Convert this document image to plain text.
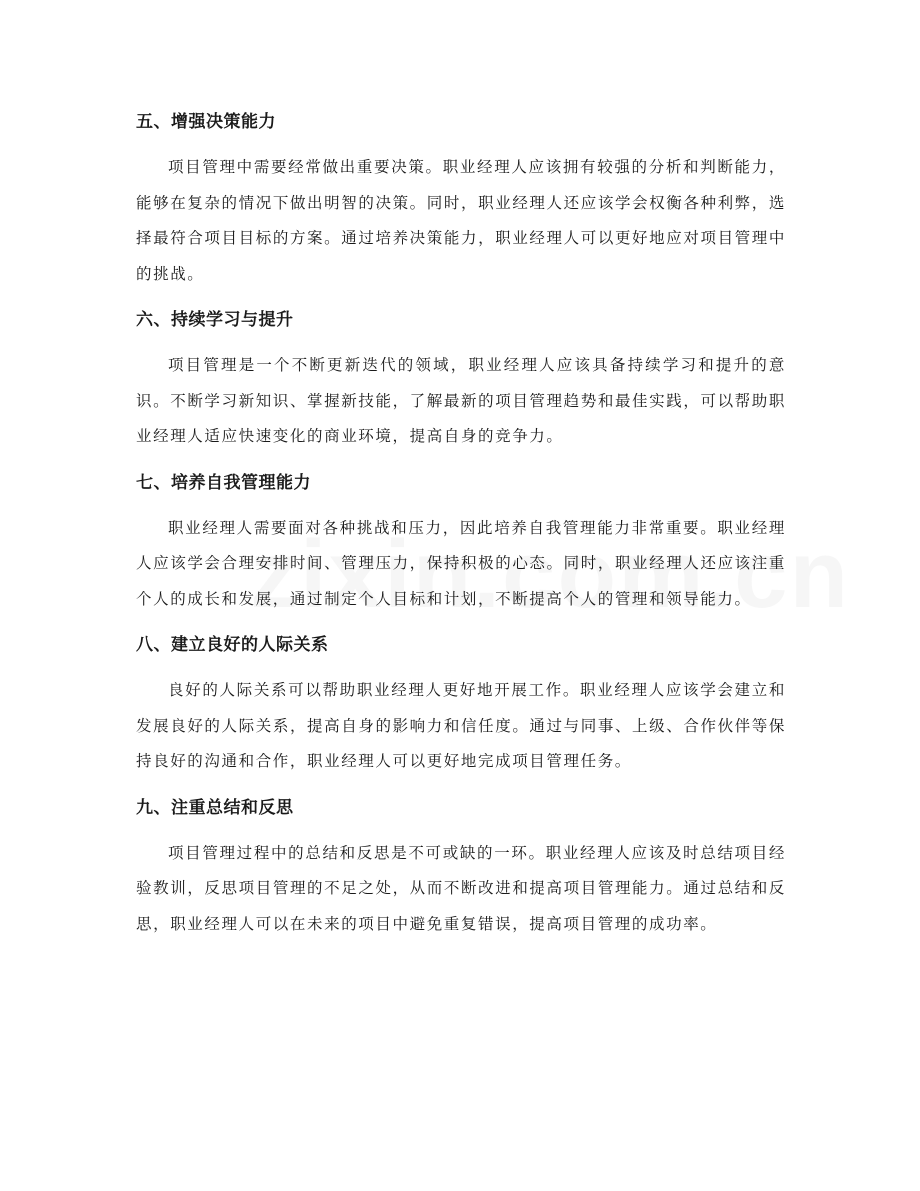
五、增强决策能力

项目管理中需要经常做出重要决策。职业经理人应该拥有较强的分析和判断能力，能够在复杂的情况下做出明智的决策。同时，职业经理人还应该学会权衡各种利弊，选择最符合项目目标的方案。通过培养决策能力，职业经理人可以更好地应对项目管理中的挑战。

六、持续学习与提升

项目管理是一个不断更新迭代的领域，职业经理人应该具备持续学习和提升的意识。不断学习新知识、掌握新技能，了解最新的项目管理趋势和最佳实践，可以帮助职业经理人适应快速变化的商业环境，提高自身的竞争力。

七、培养自我管理能力

职业经理人需要面对各种挑战和压力，因此培养自我管理能力非常重要。职业经理人应该学会合理安排时间、管理压力，保持积极的心态。同时，职业经理人还应该注重个人的成长和发展，通过制定个人目标和计划，不断提高个人的管理和领导能力。

八、建立良好的人际关系

良好的人际关系可以帮助职业经理人更好地开展工作。职业经理人应该学会建立和发展良好的人际关系，提高自身的影响力和信任度。通过与同事、上级、合作伙伴等保持良好的沟通和合作，职业经理人可以更好地完成项目管理任务。

九、注重总结和反思

项目管理过程中的总结和反思是不可或缺的一环。职业经理人应该及时总结项目经验教训，反思项目管理的不足之处，从而不断改进和提高项目管理能力。通过总结和反思，职业经理人可以在未来的项目中避免重复错误，提高项目管理的成功率。
